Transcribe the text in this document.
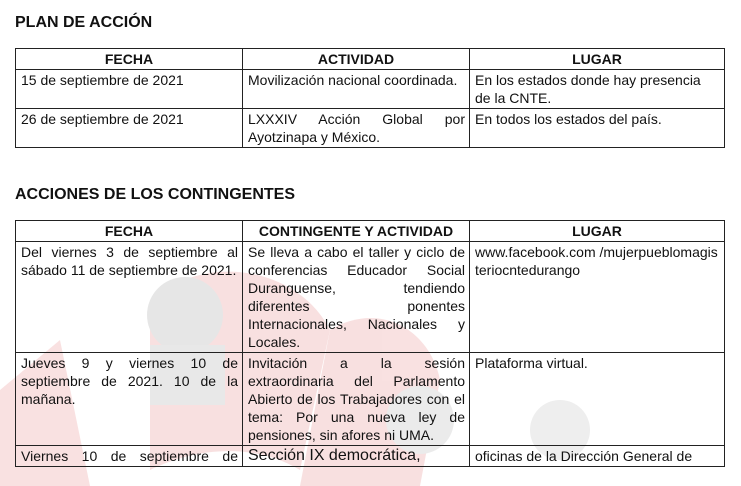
PLAN DE ACCIÓN
FECHA	ACTIVIDAD	LUGAR
15 de septiembre de 2021	Movilización nacional coordinada.	En los estados donde hay presencia de la CNTE.
26 de septiembre de 2021	LXXXIV Acción Global por Ayotzinapa y México.	En todos los estados del país.
ACCIONES DE LOS CONTINGENTES
FECHA	CONTINGENTE Y ACTIVIDAD	LUGAR
Del viernes 3 de septiembre al sábado 11 de septiembre de 2021.	Se lleva a cabo el taller y ciclo de conferencias Educador Social Duranguense, tendiendo diferentes ponentes Internacionales, Nacionales y Locales.	www.facebook.com /mujerpueblomagisteriocntedurango
Jueves 9 y viernes 10 de septiembre de 2021. 10 de la mañana.	Invitación a la sesión extraordinaria del Parlamento Abierto de los Trabajadores con el tema: Por una nueva ley de pensiones, sin afores ni UMA.	Plataforma virtual.
Viernes 10 de septiembre de	Sección IX democrática,	oficinas de la Dirección General de
